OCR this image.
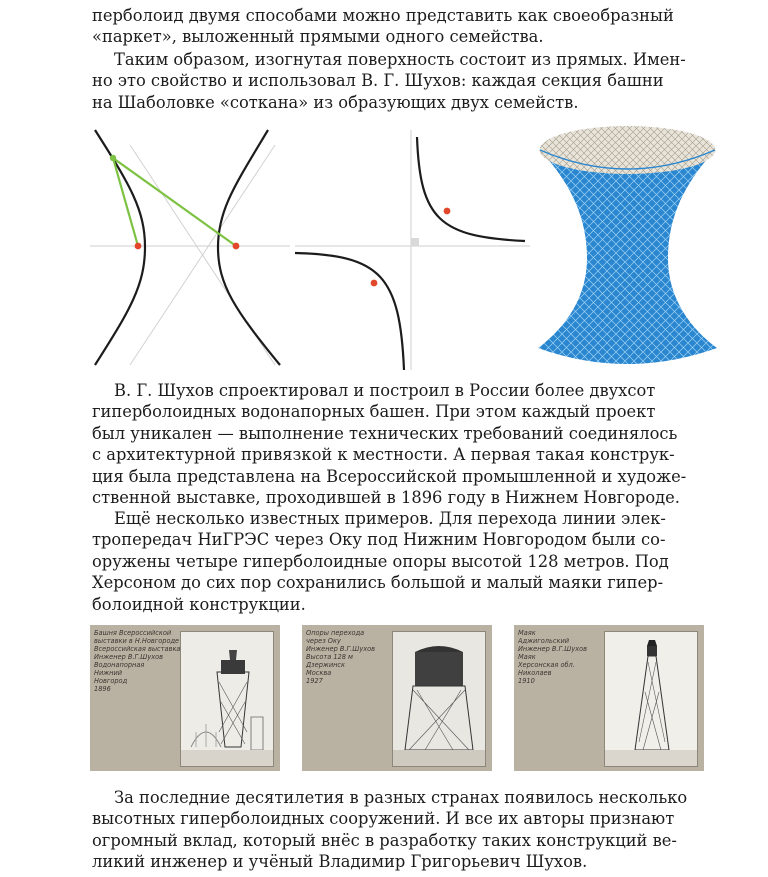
перболоид двумя способами можно представить как своеобразный
«паркет», выложенный прямыми одного семейства.

Таким образом, изогнутая поверхность состоит из прямых. Имен-
но это свойство и использовал В. Г. Шухов: каждая секция башни
на Шаболовке «соткана» из образующих двух семейств.

В. Г. Шухов спроектировал и построил в России более двухсот
гиперболоидных водонапорных башен. При этом каждый проект
был уникален — выполнение технических требований соединялось
с архитектурной привязкой к местности. А первая такая конструк-
ция была представлена на Всероссийской промышленной и художе-
ственной выставке, проходившей в 1896 году в Нижнем Новгороде.

Ещё несколько известных примеров. Для перехода линии элек-
тропередач НиГРЭС через Оку под Нижним Новгородом были со-
оружены четыре гиперболоидные опоры высотой 128 метров. Под
Херсоном до сих пор сохранились большой и малый маяки гипер-
болоидной конструкции.

Башня Всероссийской выставки в Н.Новгороде
Всероссийская выставка
Инженер В.Г.Шухов
Водонапорная
Нижний
Новгород
1896
Опоры перехода
через Оку
Инженер В.Г.Шухов
Высота 128 м
Дзержинск
Москва
1927
Маяк
Аджигольский
Инженер В.Г.Шухов
Маяк
Херсонская обл.
Николаев
1910

За последние десятилетия в разных странах появилось несколько
высотных гиперболоидных сооружений. И все их авторы признают
огромный вклад, который внёс в разработку таких конструкций ве-
ликий инженер и учёный Владимир Григорьевич Шухов.
